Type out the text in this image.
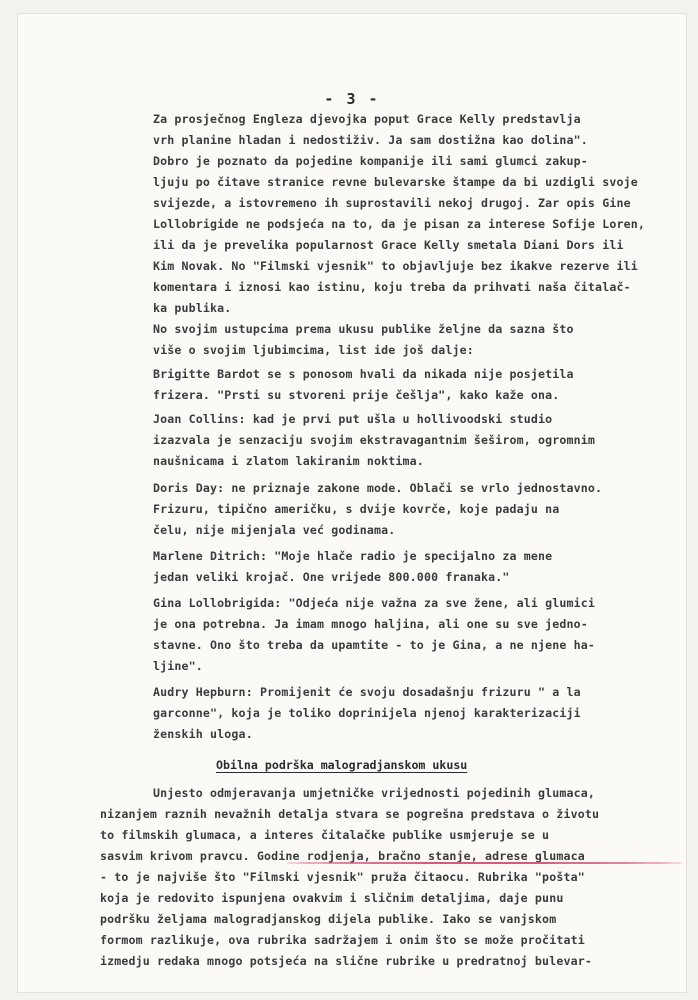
- 3 -
Za prosječnog Engleza djevojka poput Grace Kelly predstavlja
vrh planine hladan i nedostiživ. Ja sam dostižna kao dolina".
Dobro je poznato da pojedine kompanije ili sami glumci zakup-
ljuju po čitave stranice revne bulevarske štampe da bi uzdigli svoje
svijezde, a istovremeno ih suprostavili nekoj drugoj. Zar opis Gine
Lollobrigide ne podsjeća na to, da je pisan za interese Sofije Loren,
ili da je prevelika popularnost Grace Kelly smetala Diani Dors ili
Kim Novak. No "Filmski vjesnik" to objavljuje bez ikakve rezerve ili
komentara i iznosi kao istinu, koju treba da prihvati naša čitalač-
ka publika.
No svojim ustupcima prema ukusu publike željne da sazna što
više o svojim ljubimcima, list ide još dalje:
Brigitte Bardot se s ponosom hvali da nikada nije posjetila
frizera. "Prsti su stvoreni prije češlja", kako kaže ona.
Joan Collins: kad je prvi put ušla u hollivoodski studio
izazvala je senzaciju svojim ekstravagantnim šeširom, ogromnim
naušnicama i zlatom lakiranim noktima.
Doris Day: ne priznaje zakone mode. Oblači se vrlo jednostavno.
Frizuru, tipično američku, s dvije kovrče, koje padaju na
čelu, nije mijenjala već godinama.
Marlene Ditrich: "Moje hlače radio je specijalno za mene
jedan veliki krojač. One vrijede 800.000 franaka."
Gina Lollobrigida: "Odjeća nije važna za sve žene, ali glumici
je ona potrebna. Ja imam mnogo haljina, ali one su sve jedno-
stavne. Ono što treba da upamtite - to je Gina, a ne njene ha-
ljine".
Audry Hepburn: Promijenit će svoju dosadašnju frizuru " a la
garconne", koja je toliko doprinijela njenoj karakterizaciji
ženskih uloga.
Obilna podrška malogradjanskom ukusu
Unjesto odmjeravanja umjetničke vrijednosti pojedinih glumaca,
nizanjem raznih nevažnih detalja stvara se pogrešna predstava o životu
to filmskih glumaca, a interes čitalačke publike usmjeruje se u
sasvim krivom pravcu. Godine rodjenja, bračno stanje, adrese glumaca
- to je najviše što "Filmski vjesnik" pruža čitaocu. Rubrika "pošta"
koja je redovito ispunjena ovakvim i sličnim detaljima, daje punu
podršku željama malogradjanskog dijela publike. Iako se vanjskom
formom razlikuje, ova rubrika sadržajem i onim što se može pročitati
izmedju redaka mnogo potsjeća na slične rubrike u predratnoj bulevar-
